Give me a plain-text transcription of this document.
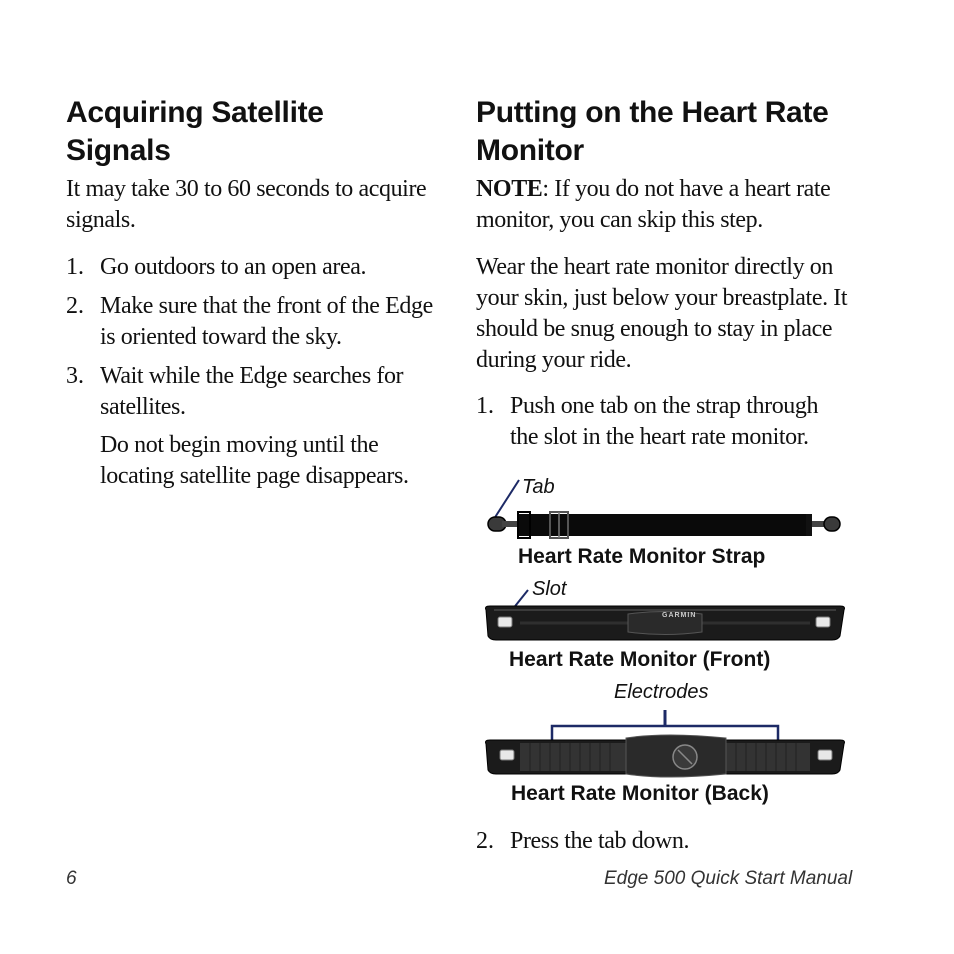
Acquiring Satellite Signals

It may take 30 to 60 seconds to acquire signals.

1. Go outdoors to an open area.

2. Make sure that the front of the Edge is oriented toward the sky.

3. Wait while the Edge searches for satellites.

Do not begin moving until the locating satellite page disappears.

Putting on the Heart Rate Monitor

NOTE: If you do not have a heart rate monitor, you can skip this step.

Wear the heart rate monitor directly on your skin, just below your breastplate. It should be snug enough to stay in place during your ride.

1. Push one tab on the strap through the slot in the heart rate monitor.

Tab
GARMIN
Heart Rate Monitor Strap
Slot
Heart Rate Monitor (Front)
Electrodes
Heart Rate Monitor (Back)
2. Press the tab down.

6	Edge 500 Quick Start Manual
